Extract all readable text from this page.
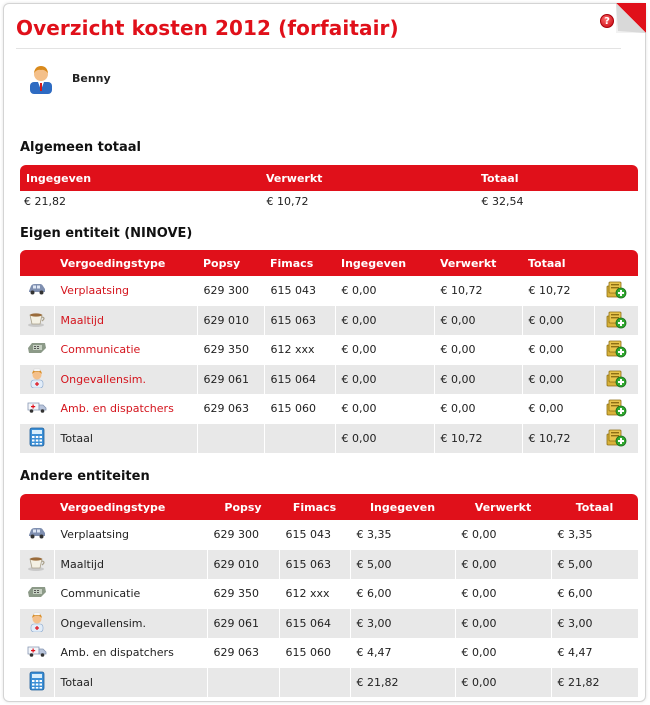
Overzicht kosten 2012 (forfaitair)	?
Benny
Algemeen totaal
Ingegeven	Verwerkt	Totaal
€ 21,82	€ 10,72	€ 32,54
Eigen entiteit (NINOVE)
	Vergoedingstype	Popsy	Fimacs	Ingegeven	Verwerkt	Totaal	
	Verplaatsing	629 300	615 043	€ 0,00	€ 10,72	€ 10,72	
	Maaltijd	629 010	615 063	€ 0,00	€ 0,00	€ 0,00	
	Communicatie	629 350	612 xxx	€ 0,00	€ 0,00	€ 0,00	
	Ongevallensim.	629 061	615 064	€ 0,00	€ 0,00	€ 0,00	
	Amb. en dispatchers	629 063	615 060	€ 0,00	€ 0,00	€ 0,00	
	Totaal			€ 0,00	€ 10,72	€ 10,72	
Andere entiteiten
	Vergoedingstype	Popsy	Fimacs	Ingegeven	Verwerkt	Totaal
	Verplaatsing	629 300	615 043	€ 3,35	€ 0,00	€ 3,35
	Maaltijd	629 010	615 063	€ 5,00	€ 0,00	€ 5,00
	Communicatie	629 350	612 xxx	€ 6,00	€ 0,00	€ 6,00
	Ongevallensim.	629 061	615 064	€ 3,00	€ 0,00	€ 3,00
	Amb. en dispatchers	629 063	615 060	€ 4,47	€ 0,00	€ 4,47
	Totaal			€ 21,82	€ 0,00	€ 21,82
